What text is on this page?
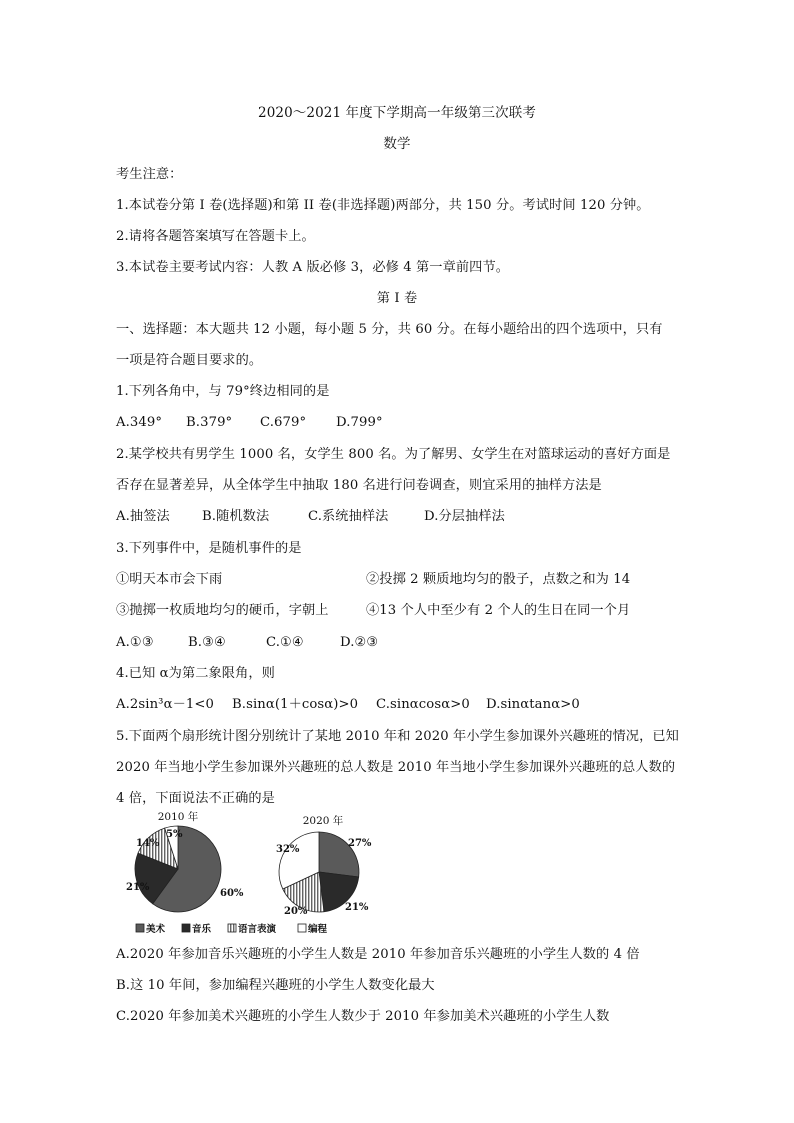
2020～2021 年度下学期高一年级第三次联考
数学
考生注意：
1.本试卷分第 I 卷(选择题)和第 II 卷(非选择题)两部分，共 150 分。考试时间 120 分钟。
2.请将各题答案填写在答题卡上。
3.本试卷主要考试内容：人教 A 版必修 3，必修 4 第一章前四节。
第 I 卷
一、选择题：本大题共 12 小题，每小题 5 分，共 60 分。在每小题给出的四个选项中，只有
一项是符合题目要求的。
1.下列各角中，与 79°终边相同的是
A.349° B.379° C.679° D.799°
2.某学校共有男学生 1000 名，女学生 800 名。为了解男、女学生在对篮球运动的喜好方面是
否存在显著差异，从全体学生中抽取 180 名进行问卷调查，则宜采用的抽样方法是
A.抽签法 B.随机数法	C.系统抽样法	D.分层抽样法
3.下列事件中，是随机事件的是
①明天本市会下雨	②投掷 2 颗质地均匀的骰子，点数之和为 14
③抛掷一枚质地均匀的硬币，字朝上	④13 个人中至少有 2 个人的生日在同一个月
A.①③	B.③④	C.①④	D.②③
4.已知 α为第二象限角，则
A.2sin³α－1<0 B.sinα(1＋cosα)>0 C.sinαcosα>0 D.sinαtanα>0
5.下面两个扇形统计图分别统计了某地 2010 年和 2020 年小学生参加课外兴趣班的情况，已知
2020 年当地小学生参加课外兴趣班的总人数是 2010 年当地小学生参加课外兴趣班的总人数的
4 倍，下面说法不正确的是
2010 年
60%
21%
14%
5%
2020 年
27%
21%
20%
32%
美术	音乐	语言表演	编程
A.2020 年参加音乐兴趣班的小学生人数是 2010 年参加音乐兴趣班的小学生人数的 4 倍
B.这 10 年间，参加编程兴趣班的小学生人数变化最大
C.2020 年参加美术兴趣班的小学生人数少于 2010 年参加美术兴趣班的小学生人数
